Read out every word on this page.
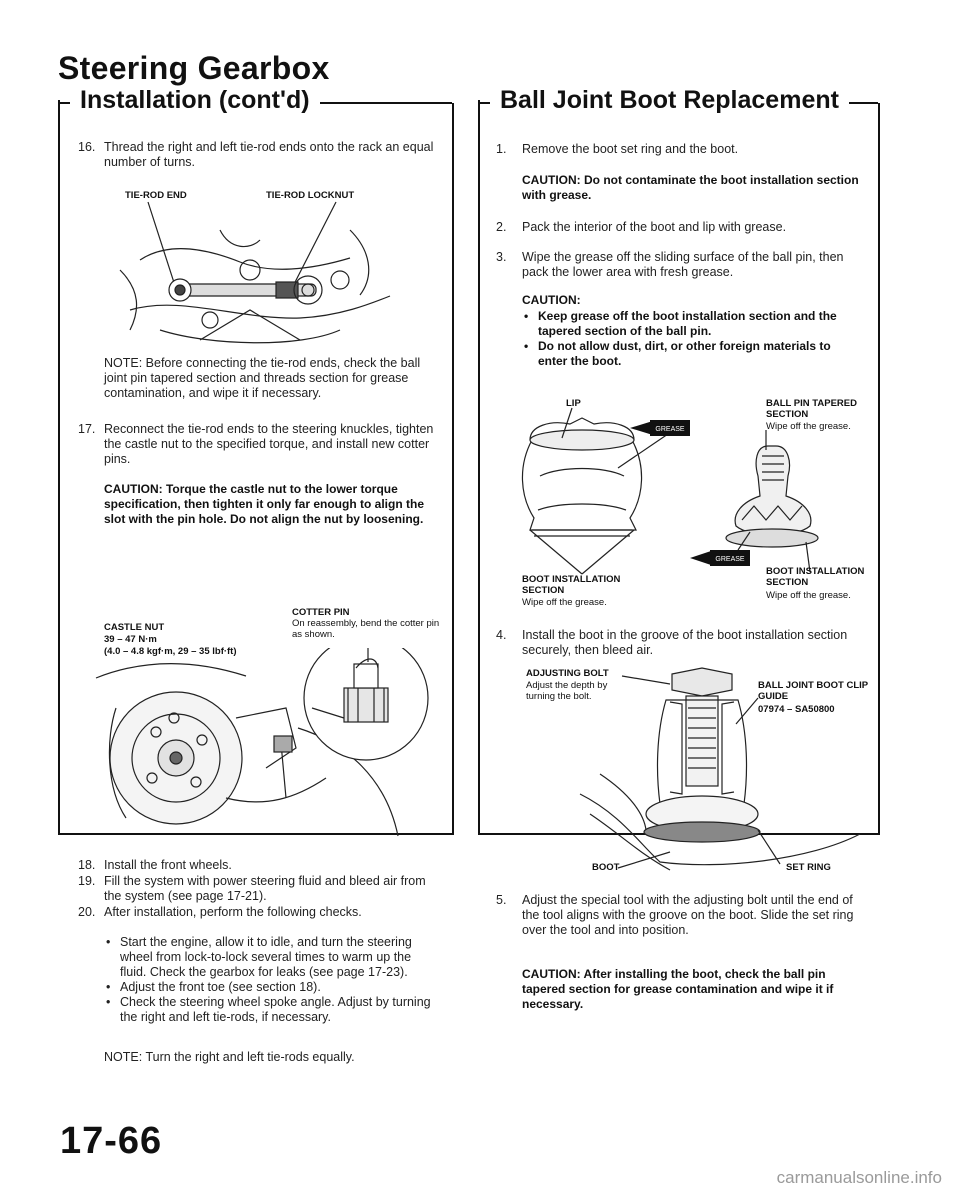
Steering Gearbox
Installation (cont'd)	Ball Joint Boot Replacement
16. Thread the right and left tie-rod ends onto the rack an equal number of turns.
TIE-ROD END	TIE-ROD LOCKNUT
NOTE: Before connecting the tie-rod ends, check the ball joint pin tapered section and threads section for grease contamination, and wipe it if necessary.
17. Reconnect the tie-rod ends to the steering knuckles, tighten the castle nut to the specified torque, and install new cotter pins.
CAUTION: Torque the castle nut to the lower torque specification, then tighten it only far enough to align the slot with the pin hole. Do not align the nut by loosening.
COTTER PIN
On reassembly, bend the cotter pin as shown.
CASTLE NUT
39 – 47 N·m
(4.0 – 4.8 kgf·m, 29 – 35 lbf·ft)
18. Install the front wheels.
19. Fill the system with power steering fluid and bleed air from the system (see page 17-21).
20. After installation, perform the following checks.
• Start the engine, allow it to idle, and turn the steering wheel from lock-to-lock several times to warm up the fluid. Check the gearbox for leaks (see page 17-23).
• Adjust the front toe (see section 18).
• Check the steering wheel spoke angle. Adjust by turning the right and left tie-rods, if necessary.
NOTE: Turn the right and left tie-rods equally.
1. Remove the boot set ring and the boot.
CAUTION: Do not contaminate the boot installation section with grease.
2. Pack the interior of the boot and lip with grease.
3. Wipe the grease off the sliding surface of the ball pin, then pack the lower area with fresh grease.
CAUTION:
• Keep grease off the boot installation section and the tapered section of the ball pin.
• Do not allow dust, dirt, or other foreign materials to enter the boot.
LIP	BALL PIN TAPERED SECTION
Wipe off the grease.
GREASE
GREASE
BOOT INSTALLATION SECTION
Wipe off the grease.
BOOT INSTALLATION SECTION
Wipe off the grease.
4. Install the boot in the groove of the boot installation section securely, then bleed air.
ADJUSTING BOLT
Adjust the depth by turning the bolt.
BALL JOINT BOOT CLIP GUIDE
07974 – SA50800
BOOT	SET RING
5. Adjust the special tool with the adjusting bolt until the end of the tool aligns with the groove on the boot. Slide the set ring over the tool and into position.
CAUTION: After installing the boot, check the ball pin tapered section for grease contamination and wipe it if necessary.
17-66
carmanualsonline.info
